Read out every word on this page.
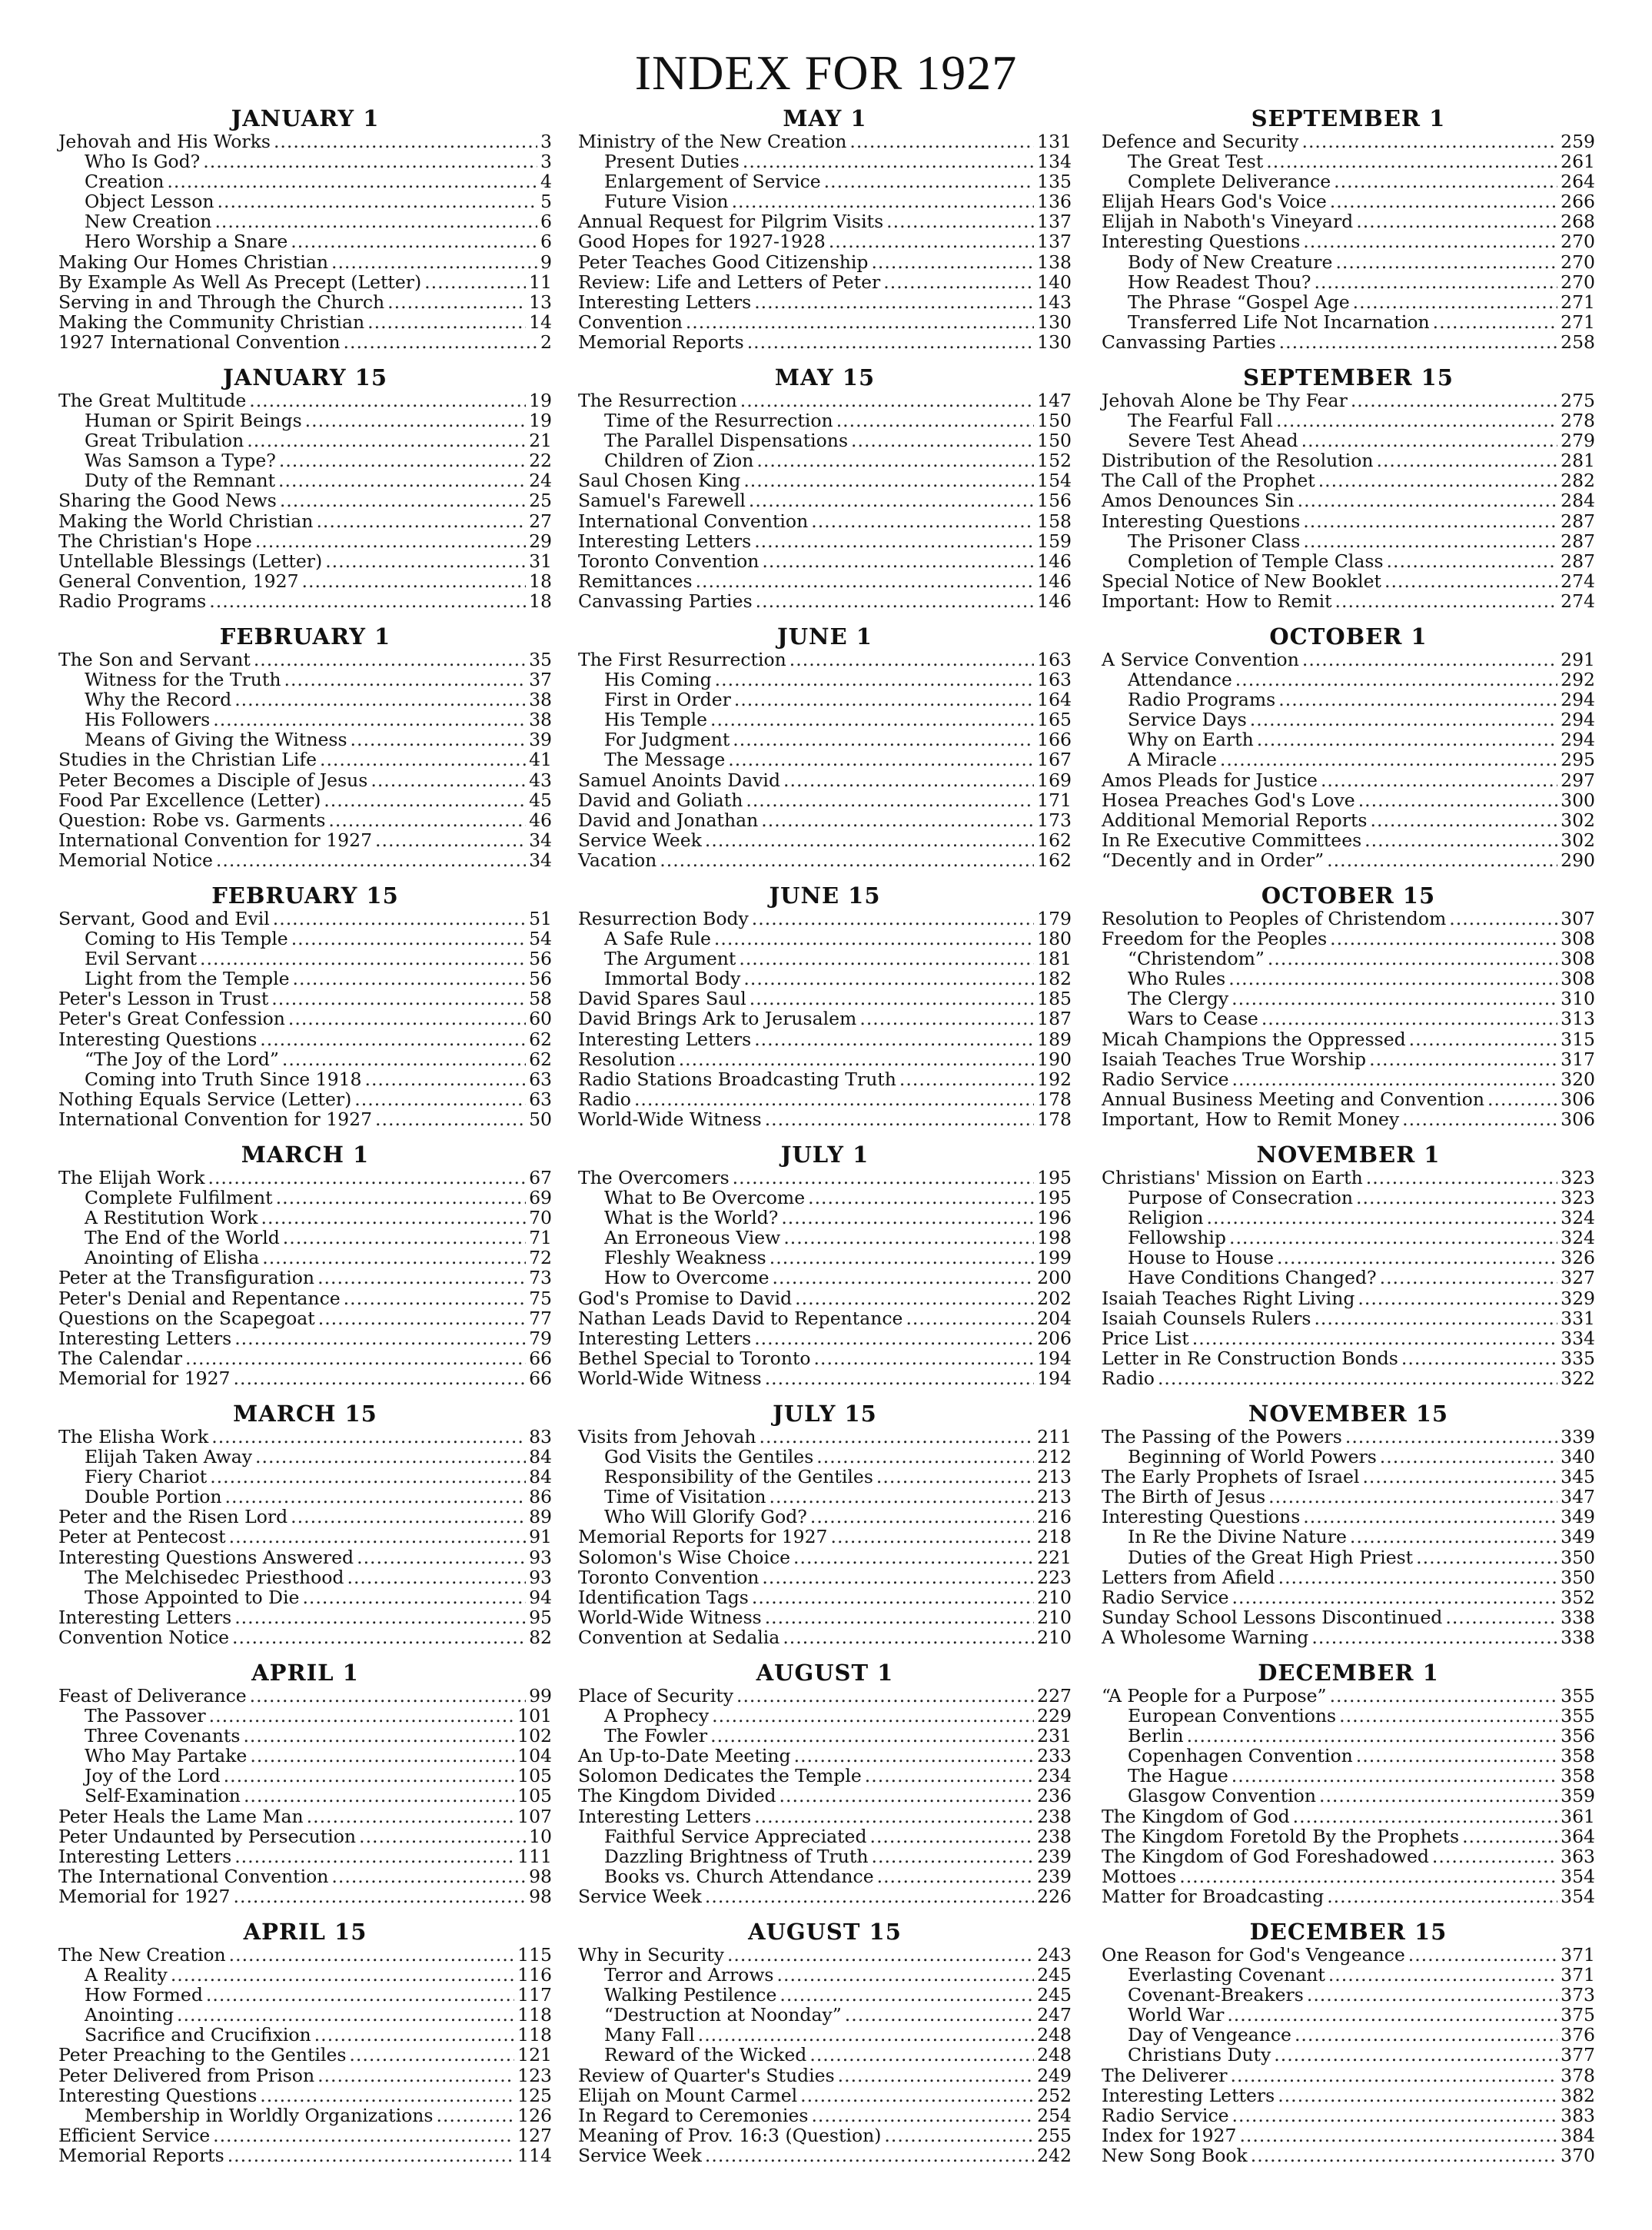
INDEX FOR 1927
JANUARY 1
Jehovah and His Works .....	3
Who Is God? .....	3
Creation .....	4
Object Lesson .....	5
New Creation .....	6
Hero Worship a Snare .....	6
Making Our Homes Christian .....	9
By Example As Well As Precept (Letter) .....	11
Serving in and Through the Church .....	13
Making the Community Christian .....	14
1927 International Convention .....	2
JANUARY 15
The Great Multitude .....	19
Human or Spirit Beings .....	19
Great Tribulation .....	21
Was Samson a Type? .....	22
Duty of the Remnant .....	24
Sharing the Good News .....	25
Making the World Christian .....	27
The Christian's Hope .....	29
Untellable Blessings (Letter) .....	31
General Convention, 1927 .....	18
Radio Programs .....	18
FEBRUARY 1
The Son and Servant .....	35
Witness for the Truth .....	37
Why the Record .....	38
His Followers .....	38
Means of Giving the Witness .....	39
Studies in the Christian Life .....	41
Peter Becomes a Disciple of Jesus .....	43
Food Par Excellence (Letter) .....	45
Question: Robe vs. Garments .....	46
International Convention for 1927 .....	34
Memorial Notice .....	34
FEBRUARY 15
Servant, Good and Evil .....	51
Coming to His Temple .....	54
Evil Servant .....	56
Light from the Temple .....	56
Peter's Lesson in Trust .....	58
Peter's Great Confession .....	60
Interesting Questions .....	62
“The Joy of the Lord” .....	62
Coming into Truth Since 1918 .....	63
Nothing Equals Service (Letter) .....	63
International Convention for 1927 .....	50
MARCH 1
The Elijah Work .....	67
Complete Fulfilment .....	69
A Restitution Work .....	70
The End of the World .....	71
Anointing of Elisha .....	72
Peter at the Transfiguration .....	73
Peter's Denial and Repentance .....	75
Questions on the Scapegoat .....	77
Interesting Letters .....	79
The Calendar .....	66
Memorial for 1927 .....	66
MARCH 15
The Elisha Work .....	83
Elijah Taken Away .....	84
Fiery Chariot .....	84
Double Portion .....	86
Peter and the Risen Lord .....	89
Peter at Pentecost .....	91
Interesting Questions Answered .....	93
The Melchisedec Priesthood .....	93
Those Appointed to Die .....	94
Interesting Letters .....	95
Convention Notice .....	82
APRIL 1
Feast of Deliverance .....	99
The Passover .....	101
Three Covenants .....	102
Who May Partake .....	104
Joy of the Lord .....	105
Self-Examination .....	105
Peter Heals the Lame Man .....	107
Peter Undaunted by Persecution .....	10
Interesting Letters .....	111
The International Convention .....	98
Memorial for 1927 .....	98
APRIL 15
The New Creation .....	115
A Reality .....	116
How Formed .....	117
Anointing .....	118
Sacrifice and Crucifixion .....	118
Peter Preaching to the Gentiles .....	121
Peter Delivered from Prison .....	123
Interesting Questions .....	125
Membership in Worldly Organizations .....	126
Efficient Service .....	127
Memorial Reports .....	114
MAY 1
Ministry of the New Creation .....	131
Present Duties .....	134
Enlargement of Service .....	135
Future Vision .....	136
Annual Request for Pilgrim Visits .....	137
Good Hopes for 1927-1928 .....	137
Peter Teaches Good Citizenship .....	138
Review: Life and Letters of Peter .....	140
Interesting Letters .....	143
Convention .....	130
Memorial Reports .....	130
MAY 15
The Resurrection .....	147
Time of the Resurrection .....	150
The Parallel Dispensations .....	150
Children of Zion .....	152
Saul Chosen King .....	154
Samuel's Farewell .....	156
International Convention .....	158
Interesting Letters .....	159
Toronto Convention .....	146
Remittances .....	146
Canvassing Parties .....	146
JUNE 1
The First Resurrection .....	163
His Coming .....	163
First in Order .....	164
His Temple .....	165
For Judgment .....	166
The Message .....	167
Samuel Anoints David .....	169
David and Goliath .....	171
David and Jonathan .....	173
Service Week .....	162
Vacation .....	162
JUNE 15
Resurrection Body .....	179
A Safe Rule .....	180
The Argument .....	181
Immortal Body .....	182
David Spares Saul .....	185
David Brings Ark to Jerusalem .....	187
Interesting Letters .....	189
Resolution .....	190
Radio Stations Broadcasting Truth .....	192
Radio .....	178
World-Wide Witness .....	178
JULY 1
The Overcomers .....	195
What to Be Overcome .....	195
What is the World? .....	196
An Erroneous View .....	198
Fleshly Weakness .....	199
How to Overcome .....	200
God's Promise to David .....	202
Nathan Leads David to Repentance .....	204
Interesting Letters .....	206
Bethel Special to Toronto .....	194
World-Wide Witness .....	194
JULY 15
Visits from Jehovah .....	211
God Visits the Gentiles .....	212
Responsibility of the Gentiles .....	213
Time of Visitation .....	213
Who Will Glorify God? .....	216
Memorial Reports for 1927 .....	218
Solomon's Wise Choice .....	221
Toronto Convention .....	223
Identification Tags .....	210
World-Wide Witness .....	210
Convention at Sedalia .....	210
AUGUST 1
Place of Security .....	227
A Prophecy .....	229
The Fowler .....	231
An Up-to-Date Meeting .....	233
Solomon Dedicates the Temple .....	234
The Kingdom Divided .....	236
Interesting Letters .....	238
Faithful Service Appreciated .....	238
Dazzling Brightness of Truth .....	239
Books vs. Church Attendance .....	239
Service Week .....	226
AUGUST 15
Why in Security .....	243
Terror and Arrows .....	245
Walking Pestilence .....	245
“Destruction at Noonday” .....	247
Many Fall .....	248
Reward of the Wicked .....	248
Review of Quarter's Studies .....	249
Elijah on Mount Carmel .....	252
In Regard to Ceremonies .....	254
Meaning of Prov. 16:3 (Question) .....	255
Service Week .....	242
SEPTEMBER 1
Defence and Security .....	259
The Great Test .....	261
Complete Deliverance .....	264
Elijah Hears God's Voice .....	266
Elijah in Naboth's Vineyard .....	268
Interesting Questions .....	270
Body of New Creature .....	270
How Readest Thou? .....	270
The Phrase “Gospel Age .....	271
Transferred Life Not Incarnation .....	271
Canvassing Parties .....	258
SEPTEMBER 15
Jehovah Alone be Thy Fear .....	275
The Fearful Fall .....	278
Severe Test Ahead .....	279
Distribution of the Resolution .....	281
The Call of the Prophet .....	282
Amos Denounces Sin .....	284
Interesting Questions .....	287
The Prisoner Class .....	287
Completion of Temple Class .....	287
Special Notice of New Booklet .....	274
Important: How to Remit .....	274
OCTOBER 1
A Service Convention .....	291
Attendance .....	292
Radio Programs .....	294
Service Days .....	294
Why on Earth .....	294
A Miracle .....	295
Amos Pleads for Justice .....	297
Hosea Preaches God's Love .....	300
Additional Memorial Reports .....	302
In Re Executive Committees .....	302
“Decently and in Order” .....	290
OCTOBER 15
Resolution to Peoples of Christendom .....	307
Freedom for the Peoples .....	308
“Christendom” .....	308
Who Rules .....	308
The Clergy .....	310
Wars to Cease .....	313
Micah Champions the Oppressed .....	315
Isaiah Teaches True Worship .....	317
Radio Service .....	320
Annual Business Meeting and Convention .....	306
Important, How to Remit Money .....	306
NOVEMBER 1
Christians' Mission on Earth .....	323
Purpose of Consecration .....	323
Religion .....	324
Fellowship .....	324
House to House .....	326
Have Conditions Changed? .....	327
Isaiah Teaches Right Living .....	329
Isaiah Counsels Rulers .....	331
Price List .....	334
Letter in Re Construction Bonds .....	335
Radio .....	322
NOVEMBER 15
The Passing of the Powers .....	339
Beginning of World Powers .....	340
The Early Prophets of Israel .....	345
The Birth of Jesus .....	347
Interesting Questions .....	349
In Re the Divine Nature .....	349
Duties of the Great High Priest .....	350
Letters from Afield .....	350
Radio Service .....	352
Sunday School Lessons Discontinued .....	338
A Wholesome Warning .....	338
DECEMBER 1
“A People for a Purpose” .....	355
European Conventions .....	355
Berlin .....	356
Copenhagen Convention .....	358
The Hague .....	358
Glasgow Convention .....	359
The Kingdom of God .....	361
The Kingdom Foretold By the Prophets .....	364
The Kingdom of God Foreshadowed .....	363
Mottoes .....	354
Matter for Broadcasting .....	354
DECEMBER 15
One Reason for God's Vengeance .....	371
Everlasting Covenant .....	371
Covenant-Breakers .....	373
World War .....	375
Day of Vengeance .....	376
Christians Duty .....	377
The Deliverer .....	378
Interesting Letters .....	382
Radio Service .....	383
Index for 1927 .....	384
New Song Book .....	370
